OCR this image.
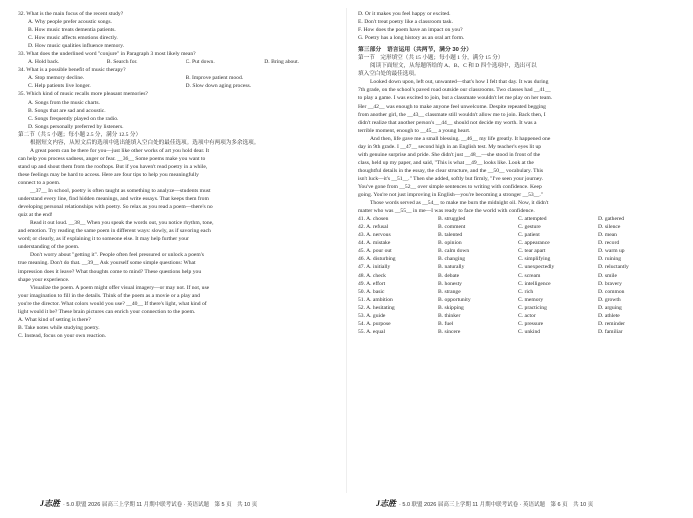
32. What is the main focus of the recent study?
A. Why people prefer acoustic songs.
B. How music treats dementia patients.
C. How music affects emotions directly.
D. How music qualities influence memory.
33. What does the underlined word "conjure" in Paragraph 3 most likely mean?
A. Hold back.	B. Search for.	C. Put down.	D. Bring about.
34. What is a possible benefit of music therapy?
A. Stop memory decline.	B. Improve patient mood.
C. Help patients live longer.	D. Slow down aging process.
35. Which kind of music recalls more pleasant memories?
A. Songs from the music charts.
B. Songs that are sad and acoustic.
C. Songs frequently played on the radio.
D. Songs personally preferred by listeners.
第二节（共 5 小题；每小题 2.5 分，满分 12.5 分）
根据短文内容，从短文后的选项中选出能填入空白处的最佳选项。选项中有两项为多余选项。
A great poem can be there for you—just like other works of art you hold dear. It
can help you process sadness, anger or fear. __36__ Some poems make you want to
stand up and shout them from the rooftops. But if you haven't read poetry in a while,
these feelings may be hard to access. Here are four tips to help you meaningfully
connect to a poem.
__37__ In school, poetry is often taught as something to analyze—students must
understand every line, find hidden meanings, and write essays. That keeps them from
developing personal relationships with poetry. So relax as you read a poem—there's no
quiz at the end!
Read it out loud. __38__ When you speak the words out, you notice rhythm, tone,
and emotion. Try reading the same poem in different ways: slowly, as if savoring each
word; or clearly, as if explaining it to someone else. It may help further your
understanding of the poem.
Don't worry about "getting it". People often feel pressured or unlock a poem's
true meaning. Don't do that. __39__ Ask yourself some simple questions: What
impression does it leave? What thoughts come to mind? These questions help you
shape your experience.
Visualize the poem. A poem might offer visual imagery—or may not. If not, use
your imagination to fill in the details. Think of the poem as a movie or a play and
you're the director. What colors would you use? __40__ If there's light, what kind of
light would it be? These brain pictures can enrich your connection to the poem.
A. What kind of setting is there?
B. Take notes while studying poetry.
C. Instead, focus on your own reaction.
D. Or it makes you feel happy or excited.
E. Don't treat poetry like a classroom task.
F. How does the poem have an impact on you?
G. Poetry has a long history as an oral art form.
第三部分　语言运用（共两节，满分 30 分）
第一节　完形填空（共 15 小题；每小题 1 分，满分 15 分）
阅读下面短文，从每题所给的 A、B、C 和 D 四个选项中，选出可以
填入空白处的最佳选项。
Looked down upon, left out, unwanted—that's how I felt that day. It was during
7th grade, on the school's paved road outside our classrooms. Two classes had __41__
to play a game. I was excited to join, but a classmate wouldn't let me play on her team.
Her __42__ was enough to make anyone feel unwelcome. Despite repeated begging
from another girl, the __43__ classmate still wouldn't allow me to join. Back then, I
didn't realize that another person's __44__ should not decide my worth. It was a
terrible moment, enough to __45__ a young heart.
And then, life gave me a small blessing. __46__ my life greatly. It happened one
day in 9th grade. I __47__ second high in an English test. My teacher's eyes lit up
with genuine surprise and pride. She didn't just __48__—she stood in front of the
class, held up my paper, and said, "This is what __49__ looks like. Look at the
thoughtful details in the essay, the clear structure, and the __50__ vocabulary. This
isn't luck—it's __51__." Then she added, softly but firmly, "I've seen your journey.
You've gone from __52__ over simple sentences to writing with confidence. Keep
going. You're not just improving in English—you're becoming a stronger __53__."
Those words served as __54__ to make me burn the midnight oil. Now, it didn't
matter who was __55__ in me—I was ready to face the world with confidence.
41. A. chosen	B. struggled	C. attempted	D. gathered
42. A. refusal	B. comment	C. gesture	D. silence
43. A. nervous	B. talented	C. patient	D. mean
44. A. mistake	B. opinion	C. appearance	D. record
45. A. pour out	B. calm down	C. tear apart	D. warm up
46. A. disturbing	B. changing	C. simplifying	D. ruining
47. A. initially	B. naturally	C. unexpectedly	D. reluctantly
48. A. check	B. debate	C. scream	D. smile
49. A. effort	B. honesty	C. intelligence	D. bravery
50. A. basic	B. strange	C. rich	D. common
51. A. ambition	B. opportunity	C. memory	D. growth
52. A. hesitating	B. skipping	C. practicing	D. arguing
53. A. guide	B. thinker	C. actor	D. athlete
54. A. purpose	B. fuel	C. pressure	D. reminder
55. A. equal	B. sincere	C. unkind	D. familiar
J志胜 · 5.0 联盟 2026 届高三上学期 11 月期中联考试卷 · 英语试题　第 5 页　共 10 页	J志胜 · 5.0 联盟 2026 届高三上学期 11 月期中联考试卷 · 英语试题　第 6 页　共 10 页
